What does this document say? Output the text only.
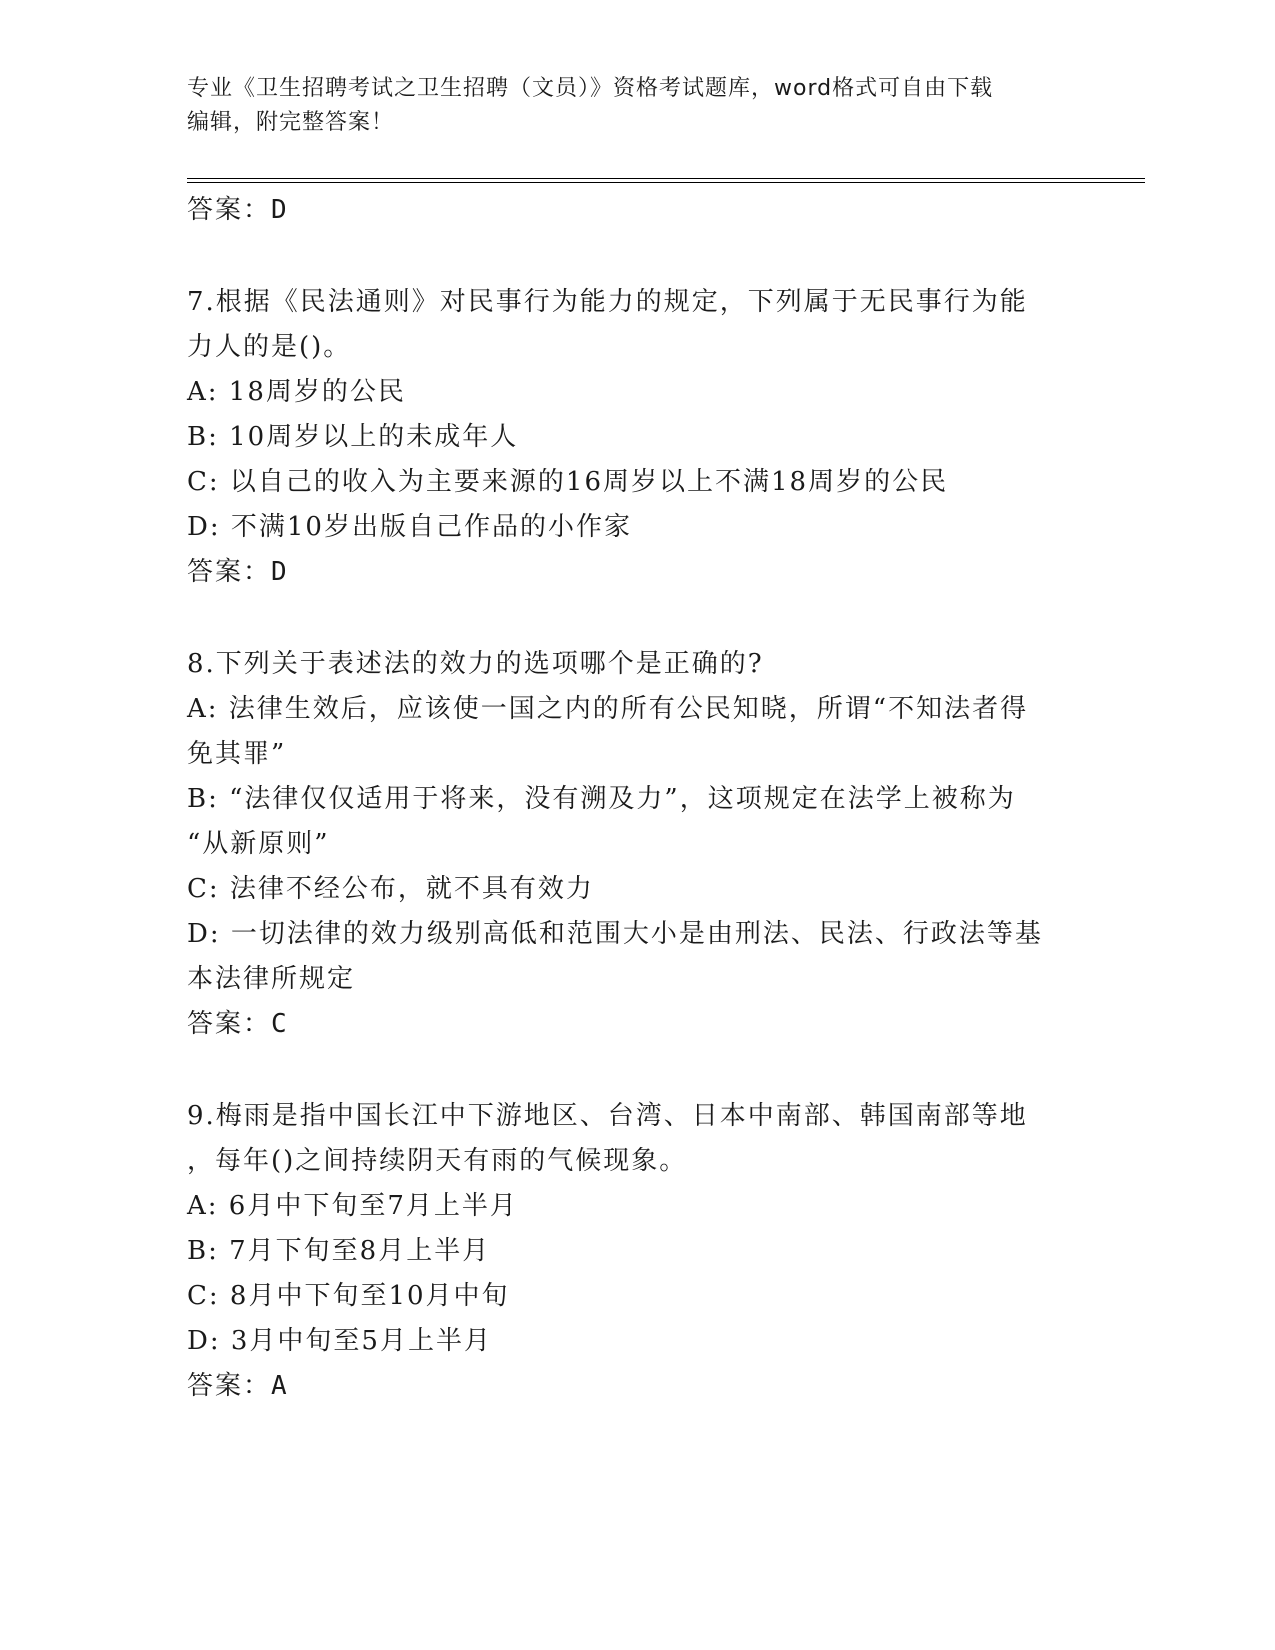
专业《卫生招聘考试之卫生招聘（文员）》资格考试题库，word格式可自由下载
编辑，附完整答案！
答案：D
7.根据《民法通则》对民事行为能力的规定，下列属于无民事行为能
力人的是()。
A: 18周岁的公民
B: 10周岁以上的未成年人
C: 以自己的收入为主要来源的16周岁以上不满18周岁的公民
D: 不满10岁出版自己作品的小作家
答案：D
8.下列关于表述法的效力的选项哪个是正确的?
A: 法律生效后，应该使一国之内的所有公民知晓，所谓“不知法者得
免其罪”
B: “法律仅仅适用于将来，没有溯及力”，这项规定在法学上被称为
“从新原则”
C: 法律不经公布，就不具有效力
D: 一切法律的效力级别高低和范围大小是由刑法、民法、行政法等基
本法律所规定
答案：C
9.梅雨是指中国长江中下游地区、台湾、日本中南部、韩国南部等地
，每年()之间持续阴天有雨的气候现象。
A: 6月中下旬至7月上半月
B: 7月下旬至8月上半月
C: 8月中下旬至10月中旬
D: 3月中旬至5月上半月
答案：A
